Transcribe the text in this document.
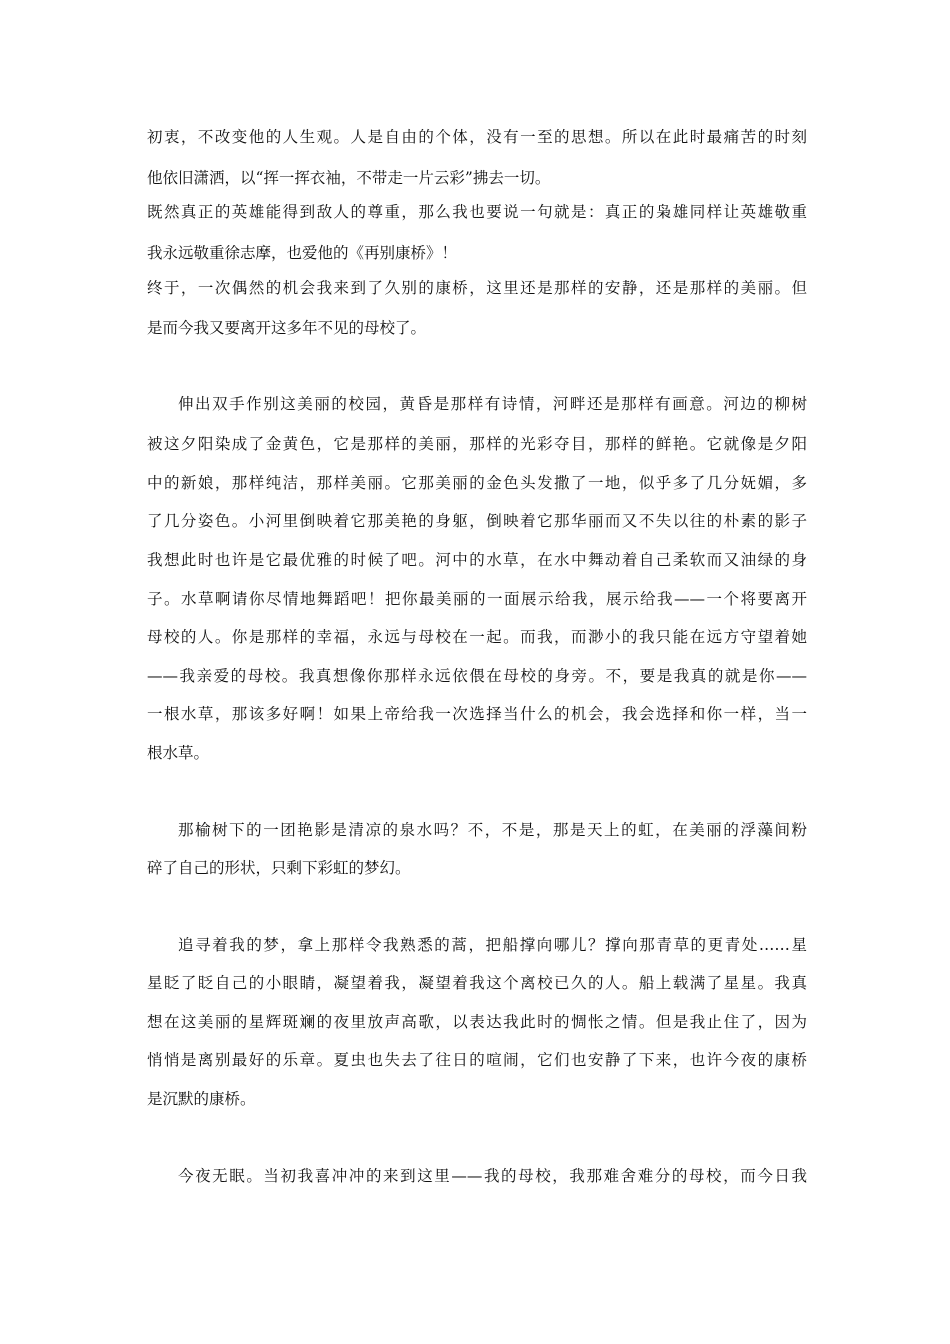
初衷，不改变他的人生观。人是自由的个体，没有一至的思想。所以在此时最痛苦的时刻
他依旧潇洒，以“挥一挥衣袖，不带走一片云彩”拂去一切。
既然真正的英雄能得到敌人的尊重，那么我也要说一句就是：真正的枭雄同样让英雄敬重
我永远敬重徐志摩，也爱他的《再别康桥》！
终于，一次偶然的机会我来到了久别的康桥，这里还是那样的安静，还是那样的美丽。但
是而今我又要离开这多年不见的母校了。
伸出双手作别这美丽的校园，黄昏是那样有诗情，河畔还是那样有画意。河边的柳树
被这夕阳染成了金黄色，它是那样的美丽，那样的光彩夺目，那样的鲜艳。它就像是夕阳
中的新娘，那样纯洁，那样美丽。它那美丽的金色头发撒了一地，似乎多了几分妩媚，多
了几分姿色。小河里倒映着它那美艳的身躯，倒映着它那华丽而又不失以往的朴素的影子
我想此时也许是它最优雅的时候了吧。河中的水草，在水中舞动着自己柔软而又油绿的身
子。水草啊请你尽情地舞蹈吧！把你最美丽的一面展示给我，展示给我——一个将要离开
母校的人。你是那样的幸福，永远与母校在一起。而我，而渺小的我只能在远方守望着她
——我亲爱的母校。我真想像你那样永远依偎在母校的身旁。不，要是我真的就是你——
一根水草，那该多好啊！如果上帝给我一次选择当什么的机会，我会选择和你一样，当一
根水草。
那榆树下的一团艳影是清凉的泉水吗？不，不是，那是天上的虹，在美丽的浮藻间粉
碎了自己的形状，只剩下彩虹的梦幻。
追寻着我的梦，拿上那样令我熟悉的蒿，把船撑向哪儿？撑向那青草的更青处……星
星眨了眨自己的小眼睛，凝望着我，凝望着我这个离校已久的人。船上载满了星星。我真
想在这美丽的星辉斑斓的夜里放声高歌，以表达我此时的惆怅之情。但是我止住了，因为
悄悄是离别最好的乐章。夏虫也失去了往日的喧闹，它们也安静了下来，也许今夜的康桥
是沉默的康桥。
今夜无眠。当初我喜冲冲的来到这里——我的母校，我那难舍难分的母校，而今日我
